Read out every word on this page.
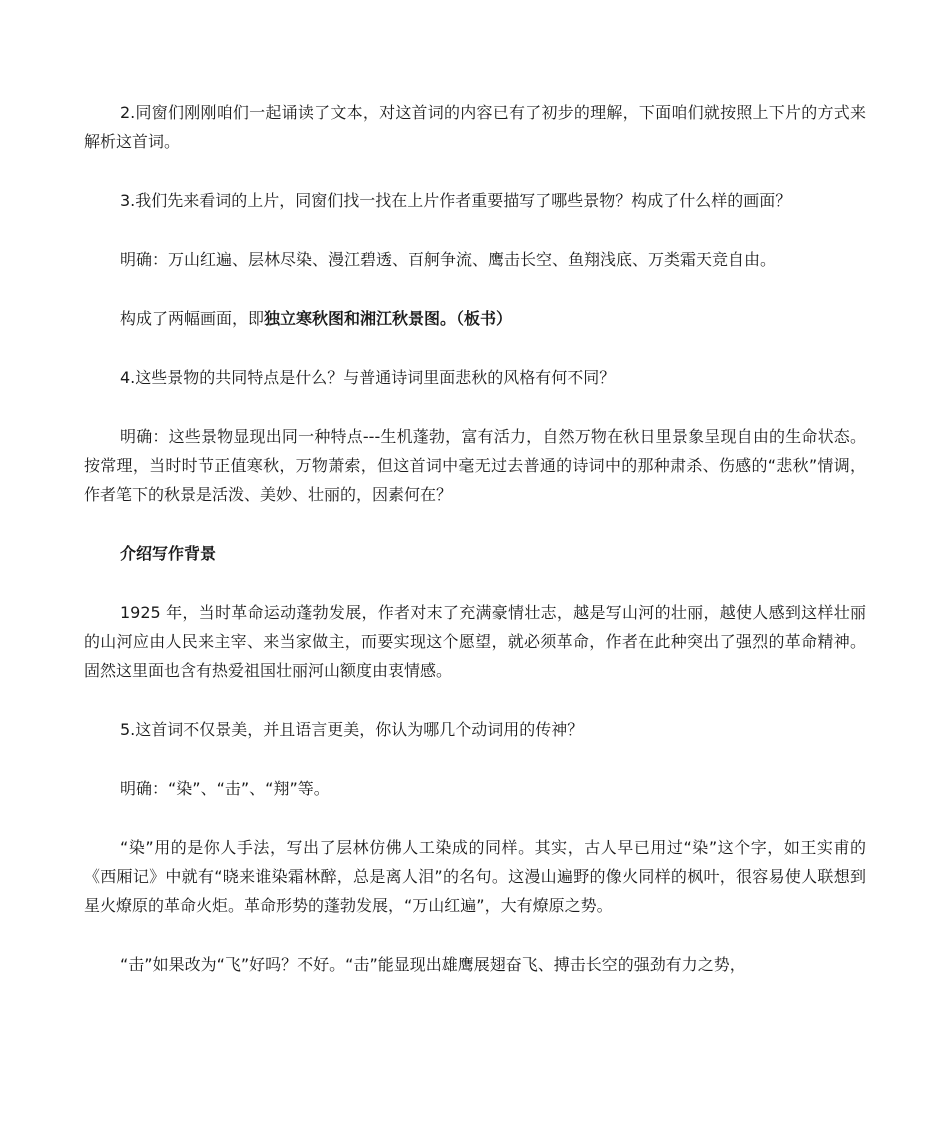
2.同窗们刚刚咱们一起诵读了文本，对这首词的内容已有了初步的理解，下面咱们就按照上下片的方式来解析这首词。

3.我们先来看词的上片，同窗们找一找在上片作者重要描写了哪些景物？构成了什么样的画面？

明确：万山红遍、层林尽染、漫江碧透、百舸争流、鹰击长空、鱼翔浅底、万类霜天竞自由。

构成了两幅画面，即独立寒秋图和湘江秋景图。（板书）

4.这些景物的共同特点是什么？与普通诗词里面悲秋的风格有何不同？

明确：这些景物显现出同一种特点---生机蓬勃，富有活力，自然万物在秋日里景象呈现自由的生命状态。按常理，当时时节正值寒秋，万物萧索，但这首词中毫无过去普通的诗词中的那种肃杀、伤感的“悲秋”情调，作者笔下的秋景是活泼、美妙、壮丽的，因素何在？

介绍写作背景

1925 年，当时革命运动蓬勃发展，作者对末了充满豪情壮志，越是写山河的壮丽，越使人感到这样壮丽的山河应由人民来主宰、来当家做主，而要实现这个愿望，就必须革命，作者在此种突出了强烈的革命精神。固然这里面也含有热爱祖国壮丽河山额度由衷情感。

5.这首词不仅景美，并且语言更美，你认为哪几个动词用的传神？

明确：“染”、“击”、“翔”等。

“染”用的是你人手法，写出了层林仿佛人工染成的同样。其实，古人早已用过“染”这个字，如王实甫的《西厢记》中就有“晓来谁染霜林醉，总是离人泪”的名句。这漫山遍野的像火同样的枫叶，很容易使人联想到星火燎原的革命火炬。革命形势的蓬勃发展，“万山红遍”，大有燎原之势。

“击”如果改为“飞”好吗？不好。“击”能显现出雄鹰展翅奋飞、搏击长空的强劲有力之势，
